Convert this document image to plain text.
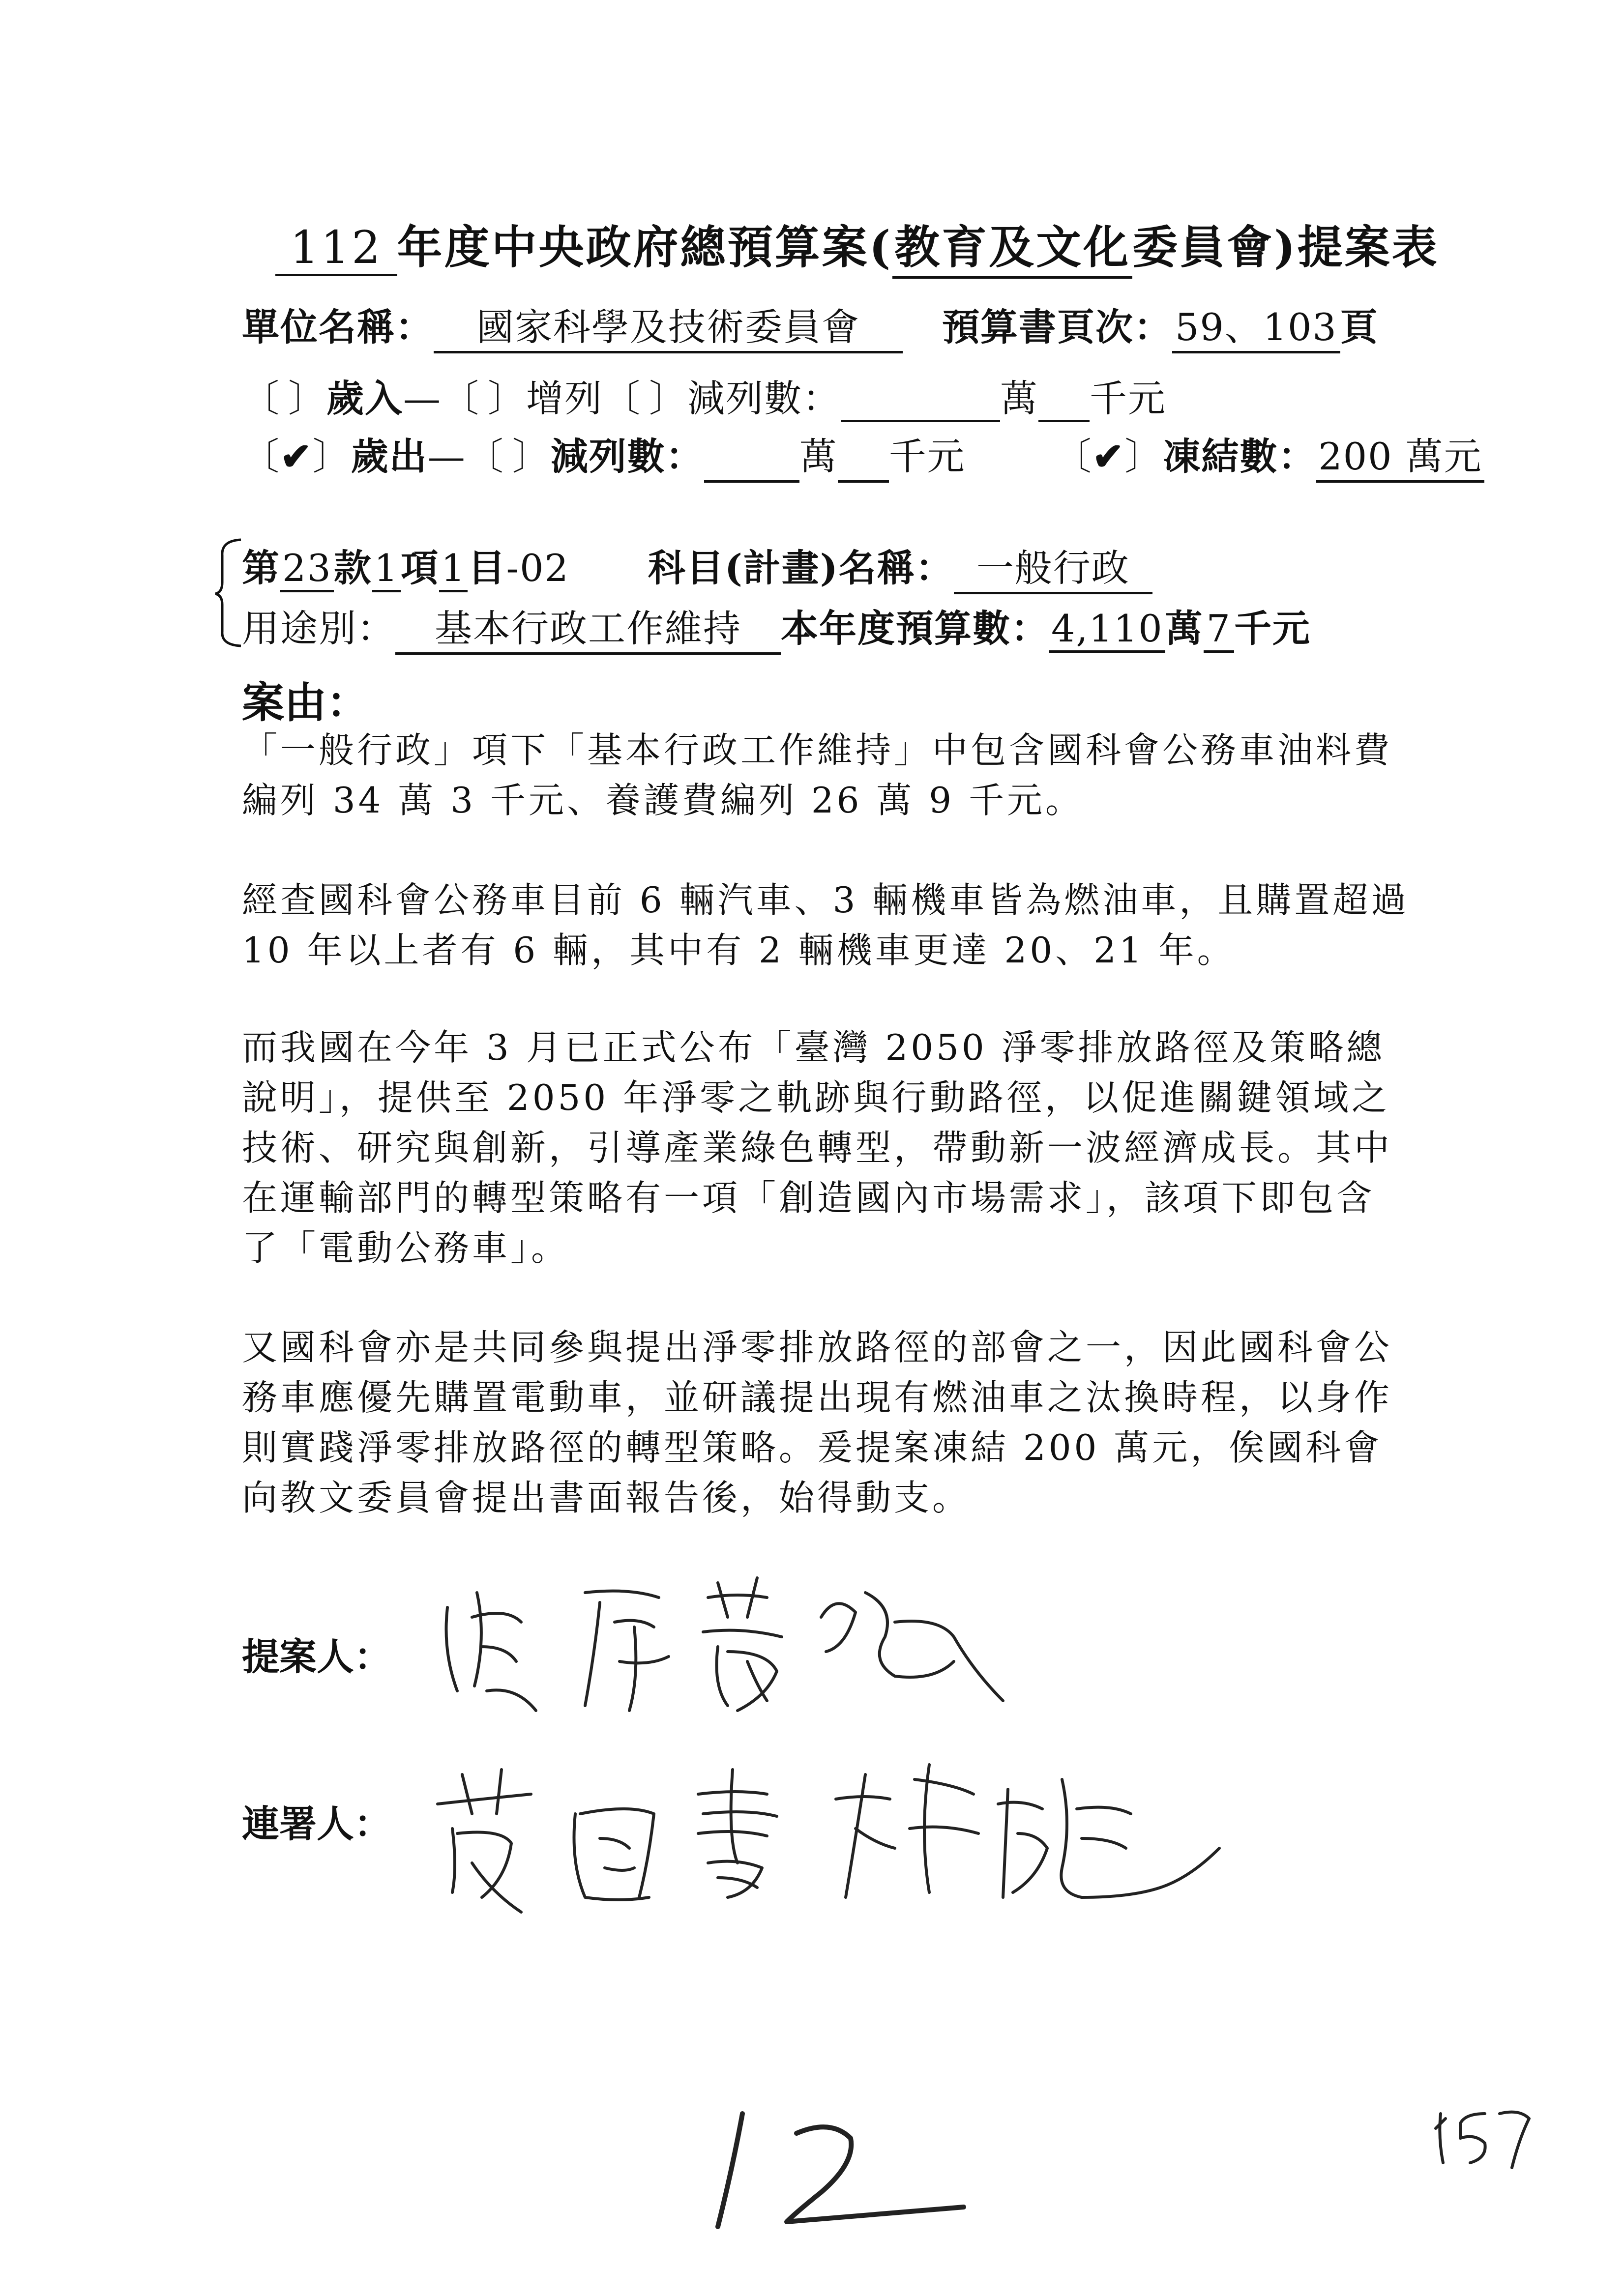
112 年度中央政府總預算案(教育及文化委員會)提案表
單位名稱： 國家科學及技術委員會 預算書頁次：59、103頁
〔 〕歲入—〔 〕增列〔 〕減列數：	萬 千元
〔✔〕歲出—〔 〕減列數：	萬 千元 〔✔〕凍結數：200 萬元
第23款1項1目-02 科目(計畫)名稱： 一般行政
用途別： 基本行政工作維持 本年度預算數：4,110萬7千元
案由：
「一般行政」項下「基本行政工作維持」中包含國科會公務車油料費編列 34 萬 3 千元、養護費編列 26 萬 9 千元。
經查國科會公務車目前 6 輛汽車、3 輛機車皆為燃油車，且購置超過 10 年以上者有 6 輛，其中有 2 輛機車更達 20、21 年。
而我國在今年 3 月已正式公布「臺灣 2050 淨零排放路徑及策略總說明」，提供至 2050 年淨零之軌跡與行動路徑，以促進關鍵領域之技術、研究與創新，引導產業綠色轉型，帶動新一波經濟成長。其中在運輸部門的轉型策略有一項「創造國內市場需求」，該項下即包含了「電動公務車」。
又國科會亦是共同參與提出淨零排放路徑的部會之一，因此國科會公務車應優先購置電動車，並研議提出現有燃油車之汰換時程，以身作則實踐淨零排放路徑的轉型策略。爰提案凍結 200 萬元，俟國科會向教文委員會提出書面報告後，始得動支。
提案人：
連署人：
